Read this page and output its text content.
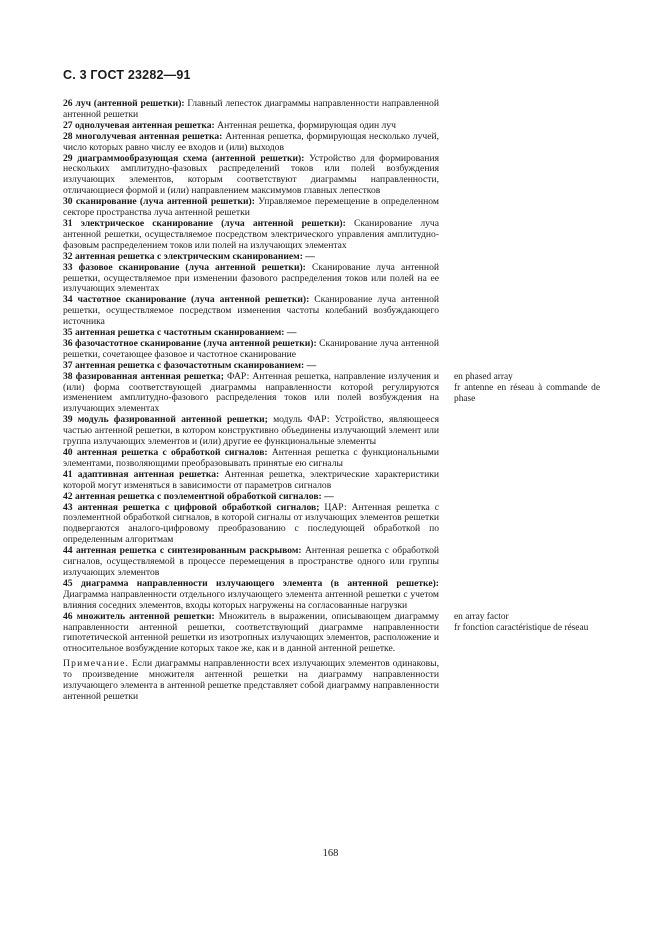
С. 3 ГОСТ 23282—91

26 луч (антенной решетки): Главный лепесток диаграммы направленности направленной антенной решетки

27 однолучевая антенная решетка: Антенная решетка, формирующая один луч

28 многолучевая антенная решетка: Антенная решетка, формирующая несколько лучей, число которых равно числу ее входов и (или) выходов

29 диаграммообразующая схема (антенной решетки): Устройство для формирования нескольких амплитудно-фазовых распределений токов или полей возбуждения излучающих элементов, которым соответствуют диаграммы направленности, отличающиеся формой и (или) направлением максимумов главных лепестков

30 сканирование (луча антенной решетки): Управляемое перемещение в определенном секторе пространства луча антенной решетки

31 электрическое сканирование (луча антенной решетки): Сканирование луча антенной решетки, осуществляемое посредством электрического управления амплитудно-фазовым распределением токов или полей на излучающих элементах

32 антенная решетка с электрическим сканированием: —

33 фазовое сканирование (луча антенной решетки): Сканирование луча антенной решетки, осуществляемое при изменении фазового распределения токов или полей на ее излучающих элементах

34 частотное сканирование (луча антенной решетки): Сканирование луча антенной решетки, осуществляемое посредством изменения частоты колебаний возбуждающего источника

35 антенная решетка с частотным сканированием: —

36 фазочастотное сканирование (луча антенной решетки): Сканирование луча антенной решетки, сочетающее фазовое и частотное сканирование

37 антенная решетка с фазочастотным сканированием: —

38 фазированная антенная решетка; ФАР: Антенная решетка, направление излучения и (или) форма соответствующей диаграммы направленности которой регулируются изменением амплитудно-фазового распределения токов или полей возбуждения на излучающих элементах

39 модуль фазированной антенной решетки; модуль ФАР: Устройство, являющееся частью антенной решетки, в котором конструктивно объединены излучающий элемент или группа излучающих элементов и (или) другие ее функциональные элементы

40 антенная решетка с обработкой сигналов: Антенная решетка с функциональными элементами, позволяющими преобразовывать принятые ею сигналы

41 адаптивная антенная решетка: Антенная решетка, электрические характеристики которой могут изменяться в зависимости от параметров сигналов

42 антенная решетка с поэлементной обработкой сигналов: —

43 антенная решетка с цифровой обработкой сигналов; ЦАР: Антенная решетка с поэлементной обработкой сигналов, в которой сигналы от излучающих элементов решетки подвергаются аналого-цифровому преобразованию с последующей обработкой по определенным алгоритмам

44 антенная решетка с синтезированным раскрывом: Антенная решетка с обработкой сигналов, осуществляемой в процессе перемещения в пространстве одного или группы излучающих элементов

45 диаграмма направленности излучающего элемента (в антенной решетке): Диаграмма направленности отдельного излучающего элемента антенной решетки с учетом влияния соседних элементов, входы которых нагружены на согласованные нагрузки

46 множитель антенной решетки: Множитель в выражении, описывающем диаграмму направленности антенной решетки, соответствующий диаграмме направленности гипотетической антенной решетки из изотропных излучающих элементов, расположение и относительное возбуждение которых такое же, как и в данной антенной решетке.

Примечание. Если диаграммы направленности всех излучающих элементов одинаковы, то произведение множителя антенной решетки на диаграмму направленности излучающего элемента в антенной решетке представляет собой диаграмму направленности антенной решетки

en phased array

fr antenne en réseau à commande de phase

en array factor

fr fonction caractéristique de réseau

168
